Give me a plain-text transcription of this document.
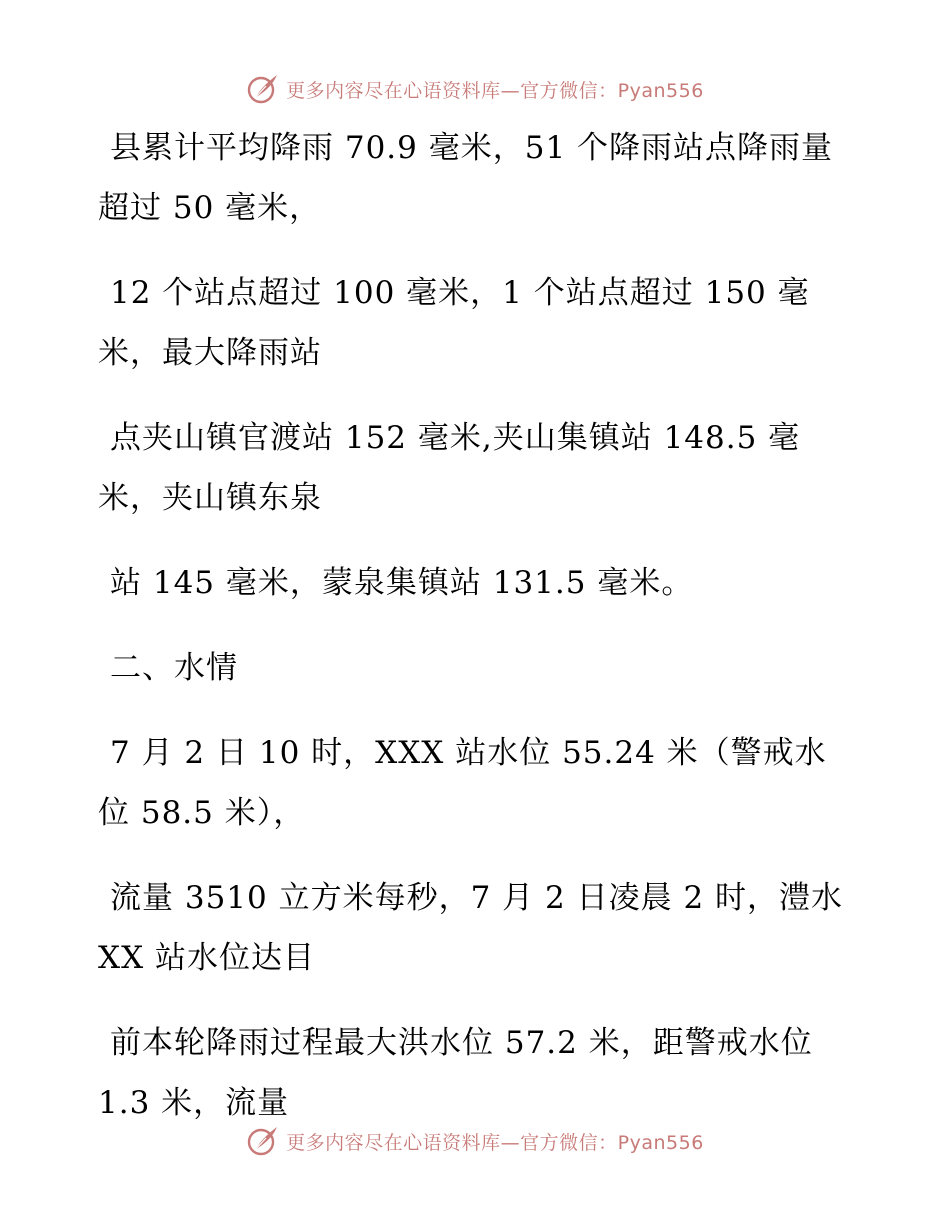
更多内容尽在心语资料库—官方微信：Pyan556

县累计平均降雨 70.9 毫米，51 个降雨站点降雨量超过 50 毫米，

12 个站点超过 100 毫米，1 个站点超过 150 毫米，最大降雨站

点夹山镇官渡站 152 毫米,夹山集镇站 148.5 毫米，夹山镇东泉

站 145 毫米，蒙泉集镇站 131.5 毫米。

二、水情

7 月 2 日 10 时，XXX 站水位 55.24 米（警戒水位 58.5 米），

流量 3510 立方米每秒，7 月 2 日凌晨 2 时，澧水 XX 站水位达目

前本轮降雨过程最大洪水位 57.2 米，距警戒水位 1.3 米，流量

更多内容尽在心语资料库—官方微信：Pyan556
